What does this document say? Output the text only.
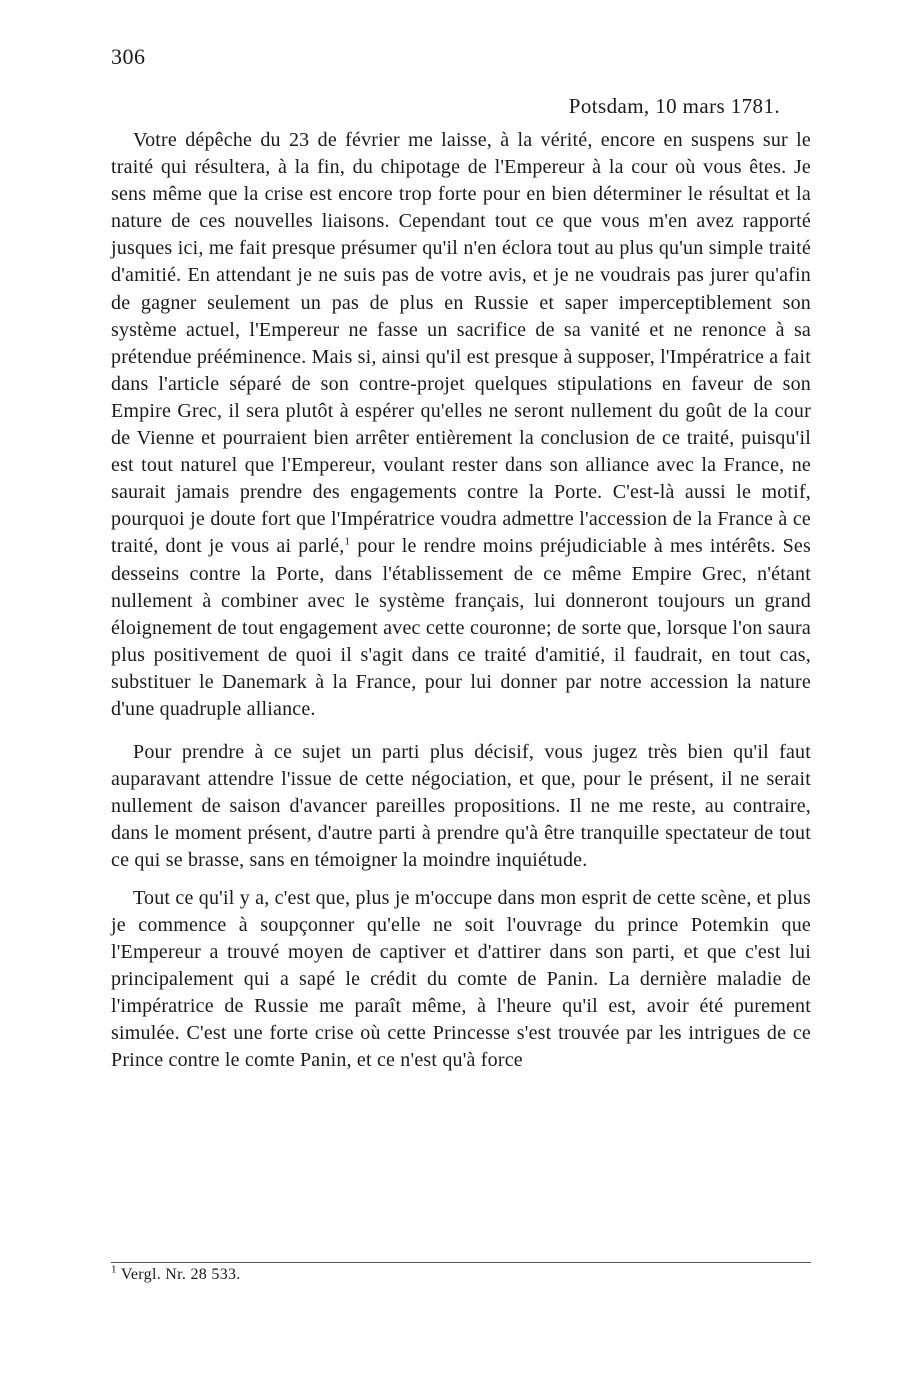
306
Potsdam, 10 mars 1781.

Votre dépêche du 23 de février me laisse, à la vérité, encore en suspens sur le traité qui résultera, à la fin, du chipotage de l'Empereur à la cour où vous êtes. Je sens même que la crise est encore trop forte pour en bien déterminer le résultat et la nature de ces nouvelles liaisons. Cependant tout ce que vous m'en avez rapporté jusques ici, me fait presque présumer qu'il n'en éclora tout au plus qu'un simple traité d'amitié. En attendant je ne suis pas de votre avis, et je ne voudrais pas jurer qu'afin de gagner seulement un pas de plus en Russie et saper imperceptiblement son système actuel, l'Empereur ne fasse un sacrifice de sa vanité et ne renonce à sa prétendue prééminence. Mais si, ainsi qu'il est presque à supposer, l'Impératrice a fait dans l'article séparé de son contre-projet quelques stipulations en faveur de son Empire Grec, il sera plutôt à espérer qu'elles ne seront nullement du goût de la cour de Vienne et pourraient bien arrêter entièrement la conclusion de ce traité, puisqu'il est tout naturel que l'Empereur, voulant rester dans son alliance avec la France, ne saurait jamais prendre des engagements contre la Porte. C'est-là aussi le motif, pourquoi je doute fort que l'Impératrice voudra admettre l'accession de la France à ce traité, dont je vous ai parlé,$^1$ pour le rendre moins préjudiciable à mes intérêts. Ses desseins contre la Porte, dans l'établissement de ce même Empire Grec, n'étant nullement à combiner avec le système français, lui donneront toujours un grand éloignement de tout engagement avec cette couronne; de sorte que, lorsque l'on saura plus positivement de quoi il s'agit dans ce traité d'amitié, il faudrait, en tout cas, substituer le Danemark à la France, pour lui donner par notre accession la nature d'une quadruple alliance.

Pour prendre à ce sujet un parti plus décisif, vous jugez très bien qu'il faut auparavant attendre l'issue de cette négociation, et que, pour le présent, il ne serait nullement de saison d'avancer pareilles propositions. Il ne me reste, au contraire, dans le moment présent, d'autre parti à prendre qu'à être tranquille spectateur de tout ce qui se brasse, sans en témoigner la moindre inquiétude.

Tout ce qu'il y a, c'est que, plus je m'occupe dans mon esprit de cette scène, et plus je commence à soupçonner qu'elle ne soit l'ouvrage du prince Potemkin que l'Empereur a trouvé moyen de captiver et d'attirer dans son parti, et que c'est lui principalement qui a sapé le crédit du comte de Panin. La dernière maladie de l'impératrice de Russie me paraît même, à l'heure qu'il est, avoir été purement simulée. C'est une forte crise où cette Princesse s'est trouvée par les intrigues de ce Prince contre le comte Panin, et ce n'est qu'à force

$^1$ Vergl. Nr. 28 533.
